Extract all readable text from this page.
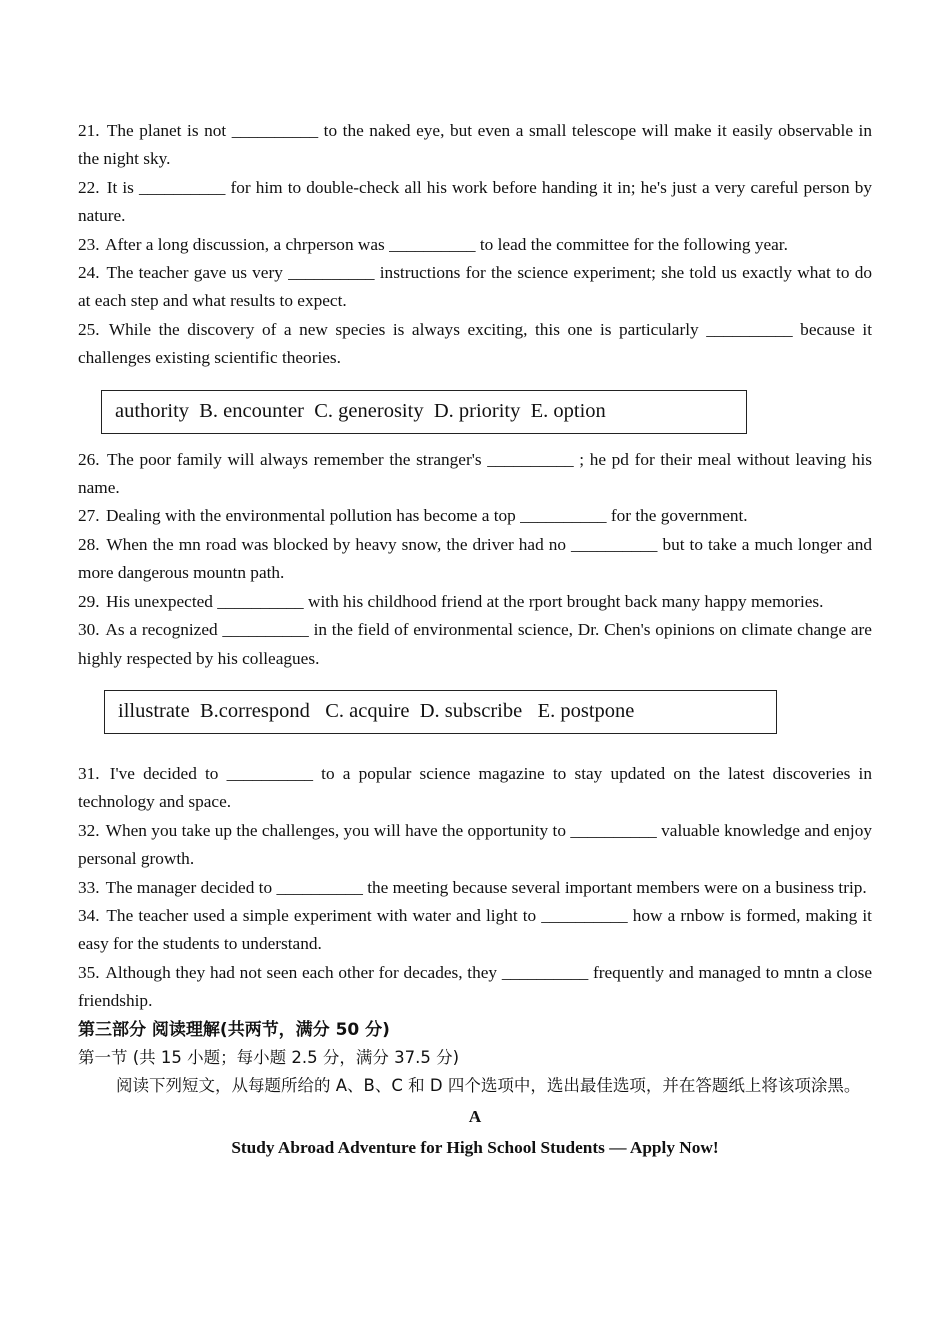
21. The planet is not __________ to the naked eye, but even a small telescope will make it easily observable in the night sky.

22. It is __________ for him to double-check all his work before handing it in; he's just a very careful person by nature.

23. After a long discussion, a chrperson was __________ to lead the committee for the following year.

24. The teacher gave us very __________ instructions for the science experiment; she told us exactly what to do at each step and what results to expect.

25. While the discovery of a new species is always exciting, this one is particularly __________ because it challenges existing scientific theories.

authority  B. encounter  C. generosity  D. priority  E. option

26. The poor family will always remember the stranger's __________ ; he pd for their meal without leaving his name.

27. Dealing with the environmental pollution has become a top __________ for the government.

28. When the mn road was blocked by heavy snow, the driver had no __________ but to take a much longer and more dangerous mountn path.

29. His unexpected __________ with his childhood friend at the rport brought back many happy memories.

30. As a recognized __________ in the field of environmental science, Dr. Chen's opinions on climate change are highly respected by his colleagues.

illustrate  B.correspond   C. acquire  D. subscribe   E. postpone

31. I've decided to __________ to a popular science magazine to stay updated on the latest discoveries in technology and space.

32. When you take up the challenges, you will have the opportunity to __________ valuable knowledge and enjoy personal growth.

33. The manager decided to __________ the meeting because several important members were on a business trip.

34. The teacher used a simple experiment with water and light to __________ how a rnbow is formed, making it easy for the students to understand.

35. Although they had not seen each other for decades, they __________ frequently and managed to mntn a close friendship.

第三部分 阅读理解(共两节，满分 50 分)

第一节 (共 15 小题；每小题 2.5 分，满分 37.5 分)

阅读下列短文，从每题所给的 A、B、C 和 D 四个选项中，选出最佳选项，并在答题纸上将该项涂黑。

A

Study Abroad Adventure for High School Students — Apply Now!
